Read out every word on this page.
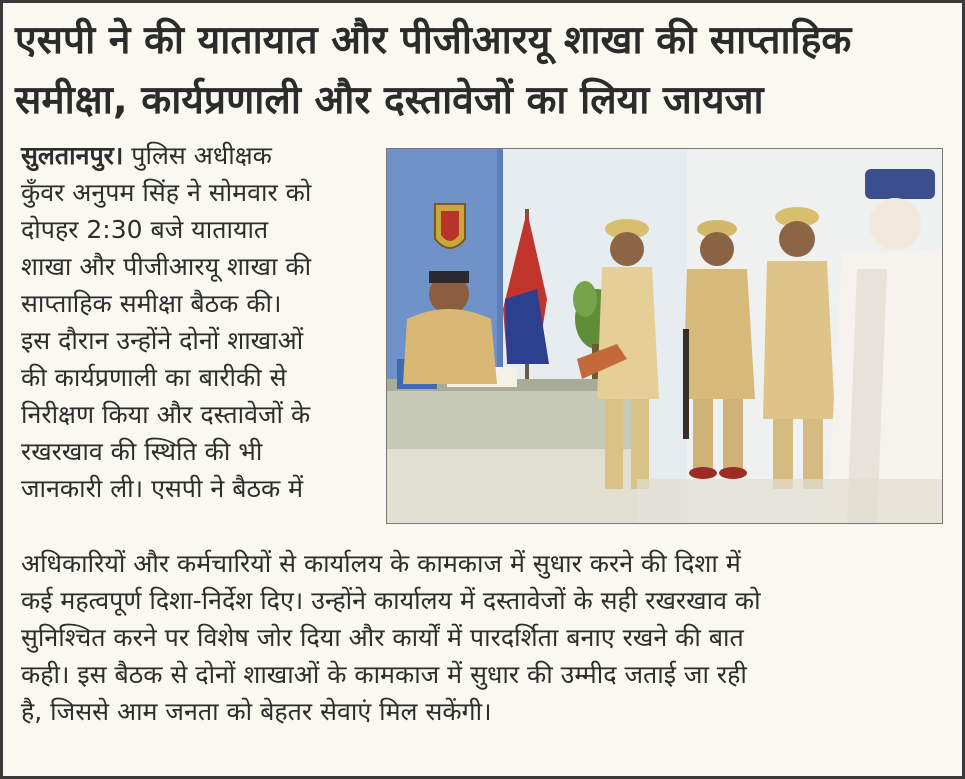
एसपी ने की यातायात और पीजीआरयू शाखा की साप्ताहिक
समीक्षा, कार्यप्रणाली और दस्तावेजों का लिया जायजा
सुलतानपुर। पुलिस अधीक्षक
कुँवर अनुपम सिंह ने सोमवार को
दोपहर 2:30 बजे यातायात
शाखा और पीजीआरयू शाखा की
साप्ताहिक समीक्षा बैठक की।
इस दौरान उन्होंने दोनों शाखाओं
की कार्यप्रणाली का बारीकी से
निरीक्षण किया और दस्तावेजों के
रखरखाव की स्थिति की भी
जानकारी ली। एसपी ने बैठक में
अधिकारियों और कर्मचारियों से कार्यालय के कामकाज में सुधार करने की दिशा में
कई महत्वपूर्ण दिशा-निर्देश दिए। उन्होंने कार्यालय में दस्तावेजों के सही रखरखाव को
सुनिश्चित करने पर विशेष जोर दिया और कार्यों में पारदर्शिता बनाए रखने की बात
कही। इस बैठक से दोनों शाखाओं के कामकाज में सुधार की उम्मीद जताई जा रही
है, जिससे आम जनता को बेहतर सेवाएं मिल सकेंगी।
